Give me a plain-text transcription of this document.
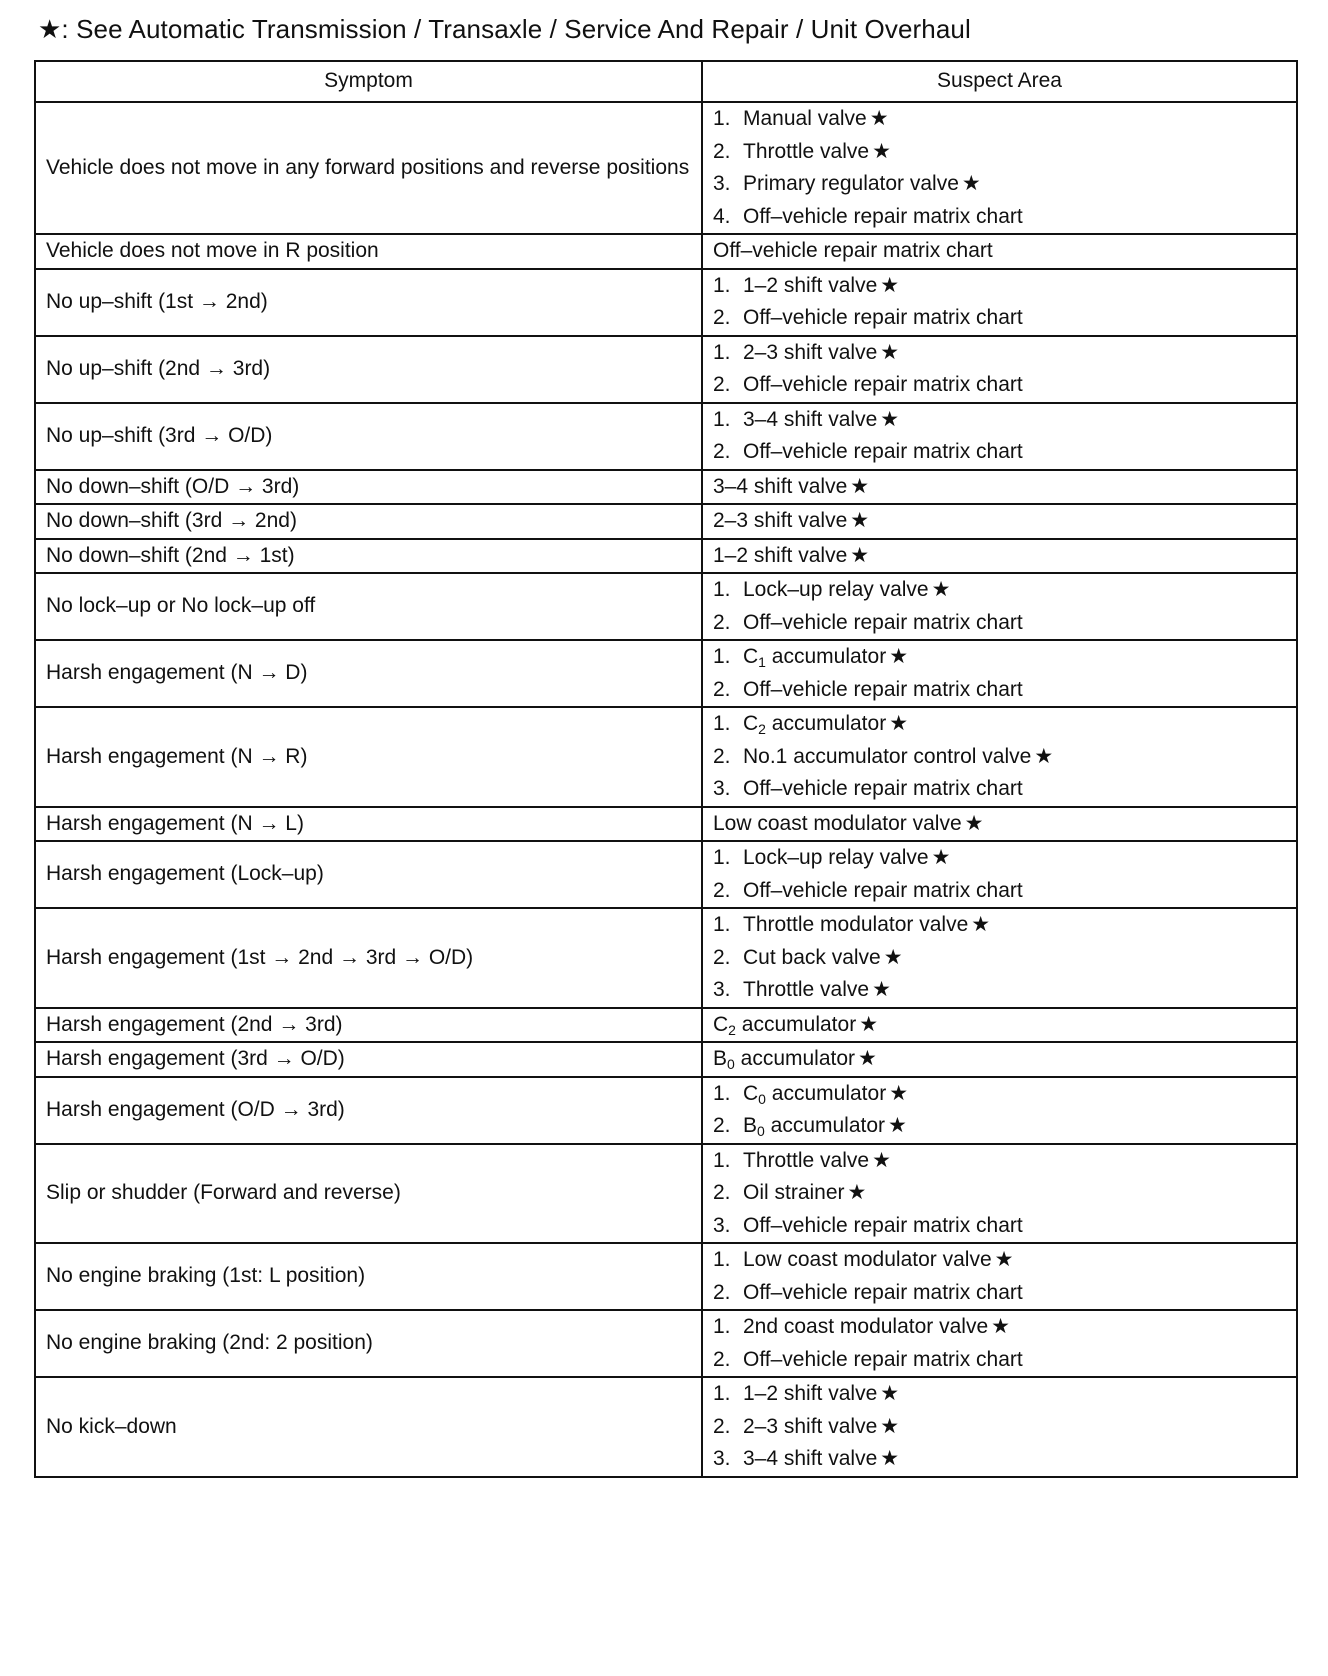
★: See Automatic Transmission / Transaxle / Service And Repair / Unit Overhaul
Symptom	Suspect Area
Vehicle does not move in any forward positions and reverse positions	1. Manual valve ★
2. Throttle valve ★
3. Primary regulator valve ★
4. Off–vehicle repair matrix chart

Vehicle does not move in R position	Off–vehicle repair matrix chart

No up–shift (1st → 2nd)	1. 1–2 shift valve ★
2. Off–vehicle repair matrix chart

No up–shift (2nd → 3rd)	1. 2–3 shift valve ★
2. Off–vehicle repair matrix chart

No up–shift (3rd → O/D)	1. 3–4 shift valve ★
2. Off–vehicle repair matrix chart

No down–shift (O/D → 3rd)	3–4 shift valve ★

No down–shift (3rd → 2nd)	2–3 shift valve ★

No down–shift (2nd → 1st)	1–2 shift valve ★

No lock–up or No lock–up off	1. Lock–up relay valve ★
2. Off–vehicle repair matrix chart

Harsh engagement (N → D)	1. $C_1$ accumulator ★
2. Off–vehicle repair matrix chart

Harsh engagement (N → R)	1. $C_2$ accumulator ★
2. No.1 accumulator control valve ★
3. Off–vehicle repair matrix chart

Harsh engagement (N → L)	Low coast modulator valve ★

Harsh engagement (Lock–up)	1. Lock–up relay valve ★
2. Off–vehicle repair matrix chart

Harsh engagement (1st → 2nd → 3rd → O/D)	1. Throttle modulator valve ★
2. Cut back valve ★
3. Throttle valve ★

Harsh engagement (2nd → 3rd)	$C_2$ accumulator ★

Harsh engagement (3rd → O/D)	$B_0$ accumulator ★

Harsh engagement (O/D → 3rd)	1. $C_0$ accumulator ★
2. $B_0$ accumulator ★

Slip or shudder (Forward and reverse)	1. Throttle valve ★
2. Oil strainer ★
3. Off–vehicle repair matrix chart

No engine braking (1st: L position)	1. Low coast modulator valve ★
2. Off–vehicle repair matrix chart

No engine braking (2nd: 2 position)	1. 2nd coast modulator valve ★
2. Off–vehicle repair matrix chart

No kick–down	1. 1–2 shift valve ★
2. 2–3 shift valve ★
3. 3–4 shift valve ★
